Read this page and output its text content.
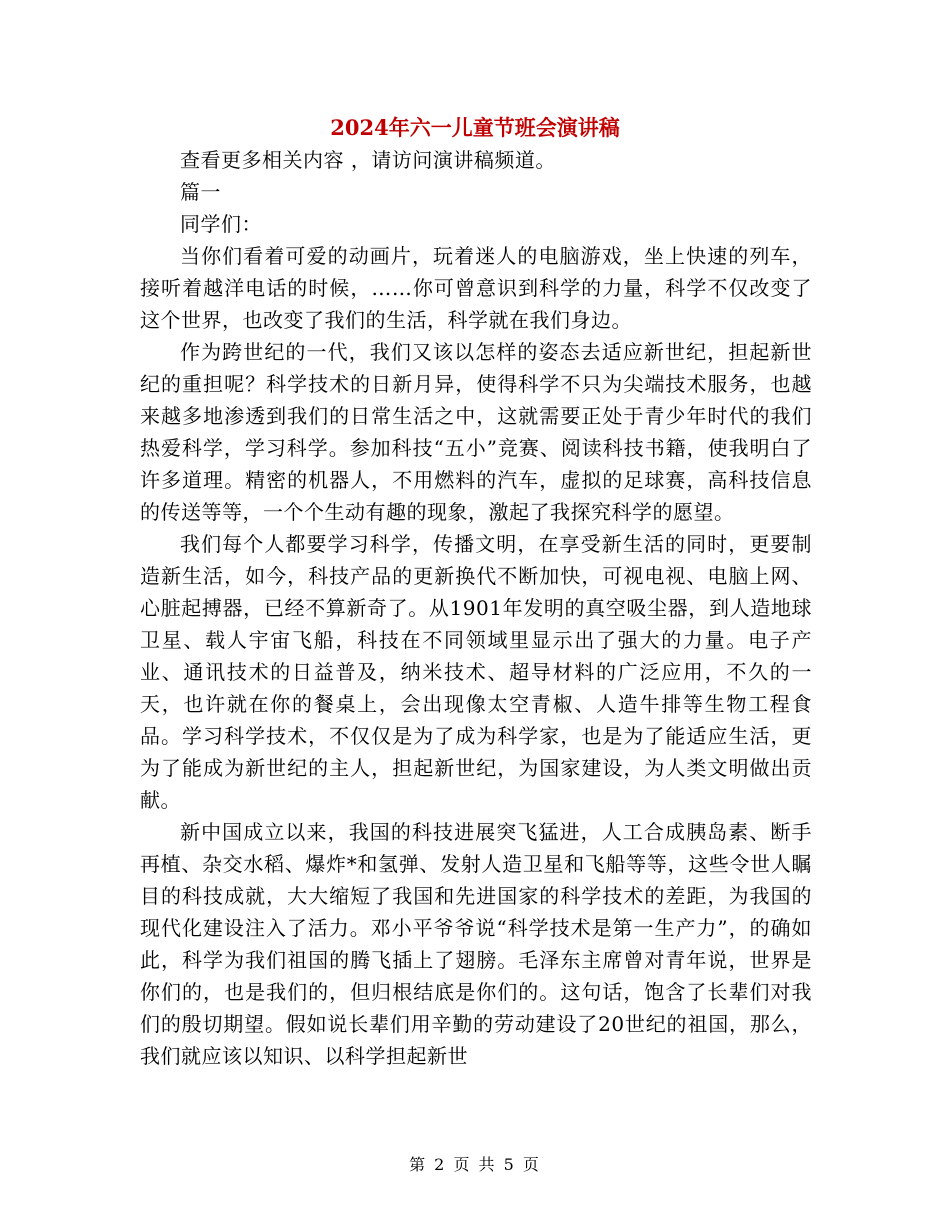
2024年六一儿童节班会演讲稿

查看更多相关内容 ，请访问演讲稿频道。

篇一

同学们：

当你们看着可爱的动画片，玩着迷人的电脑游戏，坐上快速的列车，接听着越洋电话的时候，……你可曾意识到科学的力量，科学不仅改变了这个世界，也改变了我们的生活，科学就在我们身边。

作为跨世纪的一代，我们又该以怎样的姿态去适应新世纪，担起新世纪的重担呢？科学技术的日新月异，使得科学不只为尖端技术服务，也越来越多地渗透到我们的日常生活之中，这就需要正处于青少年时代的我们热爱科学，学习科学。参加科技“五小”竞赛、阅读科技书籍，使我明白了许多道理。精密的机器人，不用燃料的汽车，虚拟的足球赛，高科技信息的传送等等，一个个生动有趣的现象，激起了我探究科学的愿望。

我们每个人都要学习科学，传播文明，在享受新生活的同时，更要制造新生活，如今，科技产品的更新换代不断加快，可视电视、电脑上网、心脏起搏器，已经不算新奇了。从1901年发明的真空吸尘器，到人造地球卫星、载人宇宙飞船，科技在不同领域里显示出了强大的力量。电子产业、通讯技术的日益普及，纳米技术、超导材料的广泛应用，不久的一天，也许就在你的餐桌上，会出现像太空青椒、人造牛排等生物工程食品。学习科学技术，不仅仅是为了成为科学家，也是为了能适应生活，更为了能成为新世纪的主人，担起新世纪，为国家建设，为人类文明做出贡献。

新中国成立以来，我国的科技进展突飞猛进，人工合成胰岛素、断手再植、杂交水稻、爆炸*和氢弹、发射人造卫星和飞船等等，这些令世人瞩目的科技成就，大大缩短了我国和先进国家的科学技术的差距，为我国的现代化建设注入了活力。邓小平爷爷说“科学技术是第一生产力”，的确如此，科学为我们祖国的腾飞插上了翅膀。毛泽东主席曾对青年说，世界是你们的，也是我们的，但归根结底是你们的。这句话，饱含了长辈们对我们的殷切期望。假如说长辈们用辛勤的劳动建设了20世纪的祖国，那么，我们就应该以知识、以科学担起新世

第 2 页 共 5 页
